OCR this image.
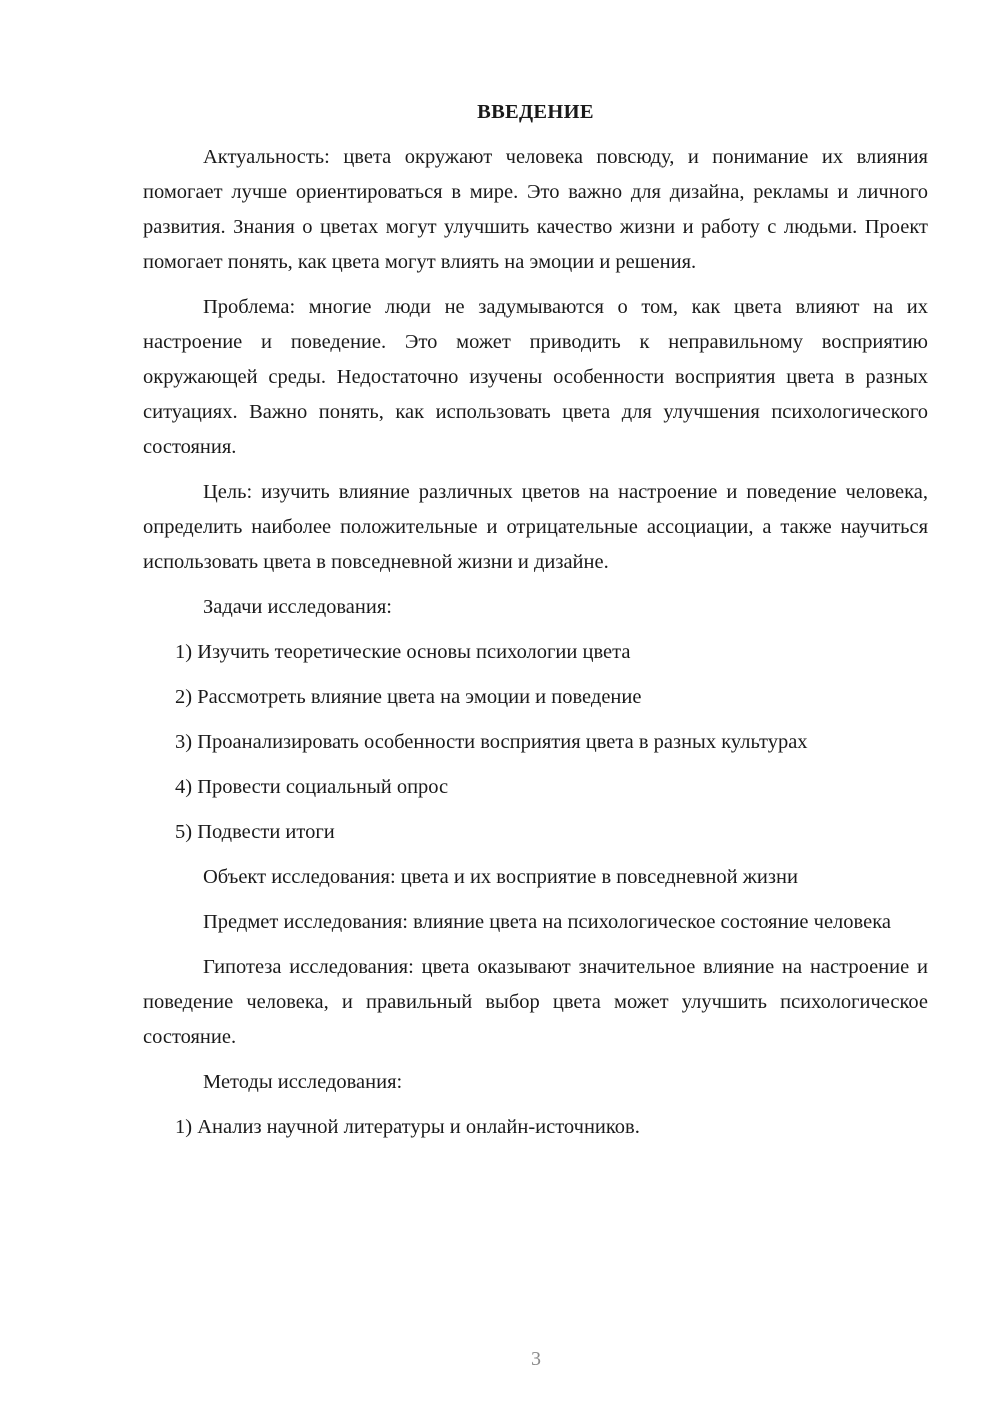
ВВЕДЕНИЕ

Актуальность: цвета окружают человека повсюду, и понимание их влияния помогает лучше ориентироваться в мире. Это важно для дизайна, рекламы и личного развития. Знания о цветах могут улучшить качество жизни и работу с людьми. Проект помогает понять, как цвета могут влиять на эмоции и решения.

Проблема: многие люди не задумываются о том, как цвета влияют на их настроение и поведение. Это может приводить к неправильному восприятию окружающей среды. Недостаточно изучены особенности восприятия цвета в разных ситуациях. Важно понять, как использовать цвета для улучшения психологического состояния.

Цель: изучить влияние различных цветов на настроение и поведение человека, определить наиболее положительные и отрицательные ассоциации, а также научиться использовать цвета в повседневной жизни и дизайне.

Задачи исследования:

1) Изучить теоретические основы психологии цвета

2) Рассмотреть влияние цвета на эмоции и поведение

3) Проанализировать особенности восприятия цвета в разных культурах

4) Провести социальный опрос

5) Подвести итоги

Объект исследования: цвета и их восприятие в повседневной жизни

Предмет исследования: влияние цвета на психологическое состояние человека

Гипотеза исследования: цвета оказывают значительное влияние на настроение и поведение человека, и правильный выбор цвета может улучшить психологическое состояние.

Методы исследования:

1) Анализ научной литературы и онлайн-источников.

3
